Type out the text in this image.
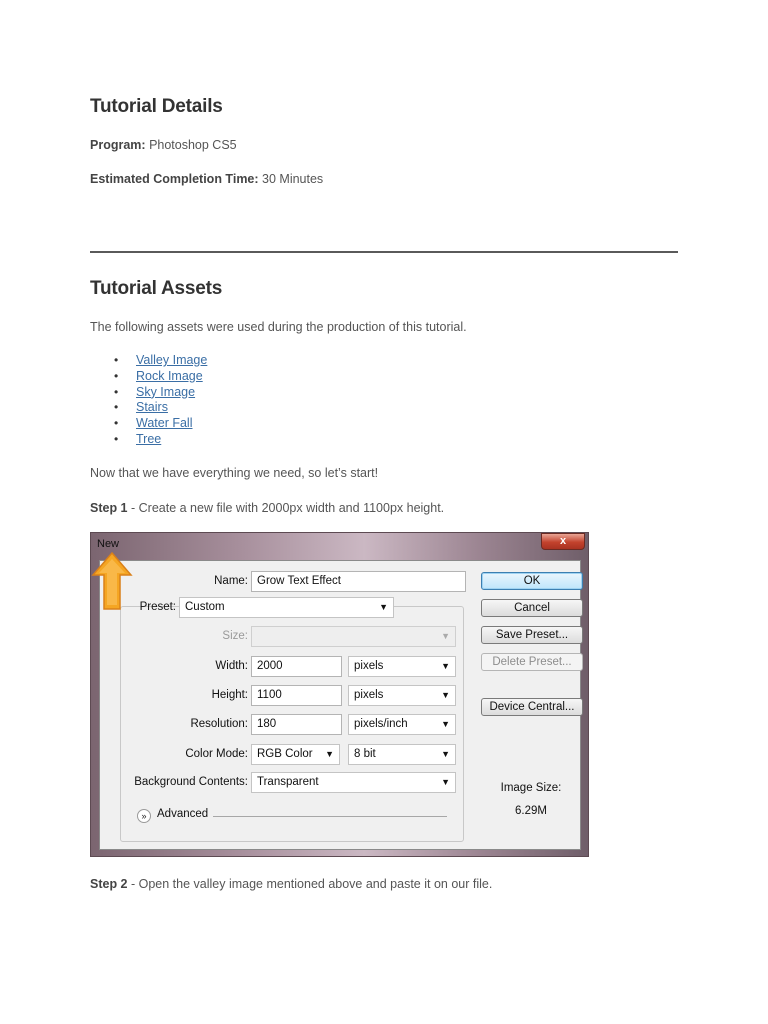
Tutorial Details
Program: Photoshop CS5
Estimated Completion Time: 30 Minutes
Tutorial Assets
The following assets were used during the production of this tutorial.
• Valley Image
• Rock Image
• Sky Image
• Stairs
• Water Fall
• Tree
Now that we have everything we need, so let’s start!
Step 1 - Create a new file with 2000px width and 1100px height.
New	x
Name: Grow Text Effect
Preset: Custom	▼
Size:	▼
Width: 2000	pixels	▼
Height: 1100	pixels	▼
Resolution: 180	pixels/inch	▼
Color Mode: RGB Color ▼	8 bit	▼
Background Contents: Transparent	▼
» Advanced
OK
Cancel
Save Preset...
Delete Preset...
Device Central...
Image Size:
6.29M
Step 2 - Open the valley image mentioned above and paste it on our file.
